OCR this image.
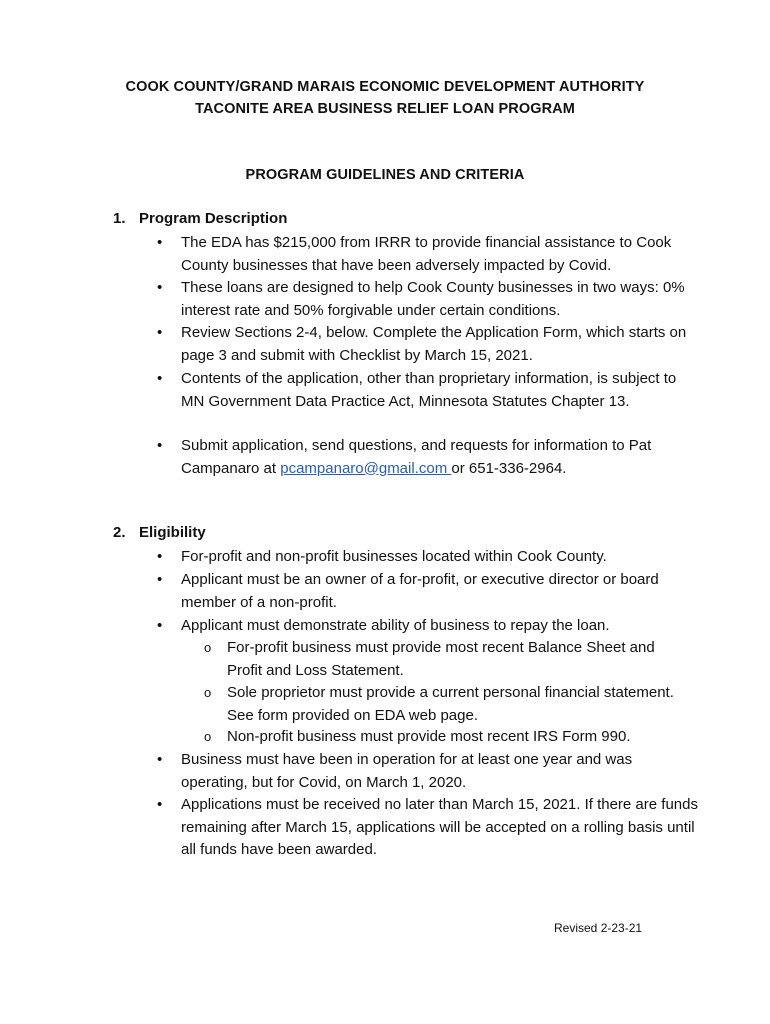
COOK COUNTY/GRAND MARAIS ECONOMIC DEVELOPMENT AUTHORITY
TACONITE AREA BUSINESS RELIEF LOAN PROGRAM
PROGRAM GUIDELINES AND CRITERIA
1. Program Description
• The EDA has $215,000 from IRRR to provide financial assistance to Cook County businesses that have been adversely impacted by Covid.
• These loans are designed to help Cook County businesses in two ways: 0% interest rate and 50% forgivable under certain conditions.
• Review Sections 2-4, below. Complete the Application Form, which starts on page 3 and submit with Checklist by March 15, 2021.
• Contents of the application, other than proprietary information, is subject to MN Government Data Practice Act, Minnesota Statutes Chapter 13.
• Submit application, send questions, and requests for information to Pat Campanaro at pcampanaro@gmail.com or 651-336-2964.
2. Eligibility
• For-profit and non-profit businesses located within Cook County.
• Applicant must be an owner of a for-profit, or executive director or board member of a non-profit.
• Applicant must demonstrate ability of business to repay the loan.
o For-profit business must provide most recent Balance Sheet and Profit and Loss Statement.
o Sole proprietor must provide a current personal financial statement. See form provided on EDA web page.
o Non-profit business must provide most recent IRS Form 990.
• Business must have been in operation for at least one year and was operating, but for Covid, on March 1, 2020.
• Applications must be received no later than March 15, 2021. If there are funds remaining after March 15, applications will be accepted on a rolling basis until all funds have been awarded.
Revised 2-23-21
